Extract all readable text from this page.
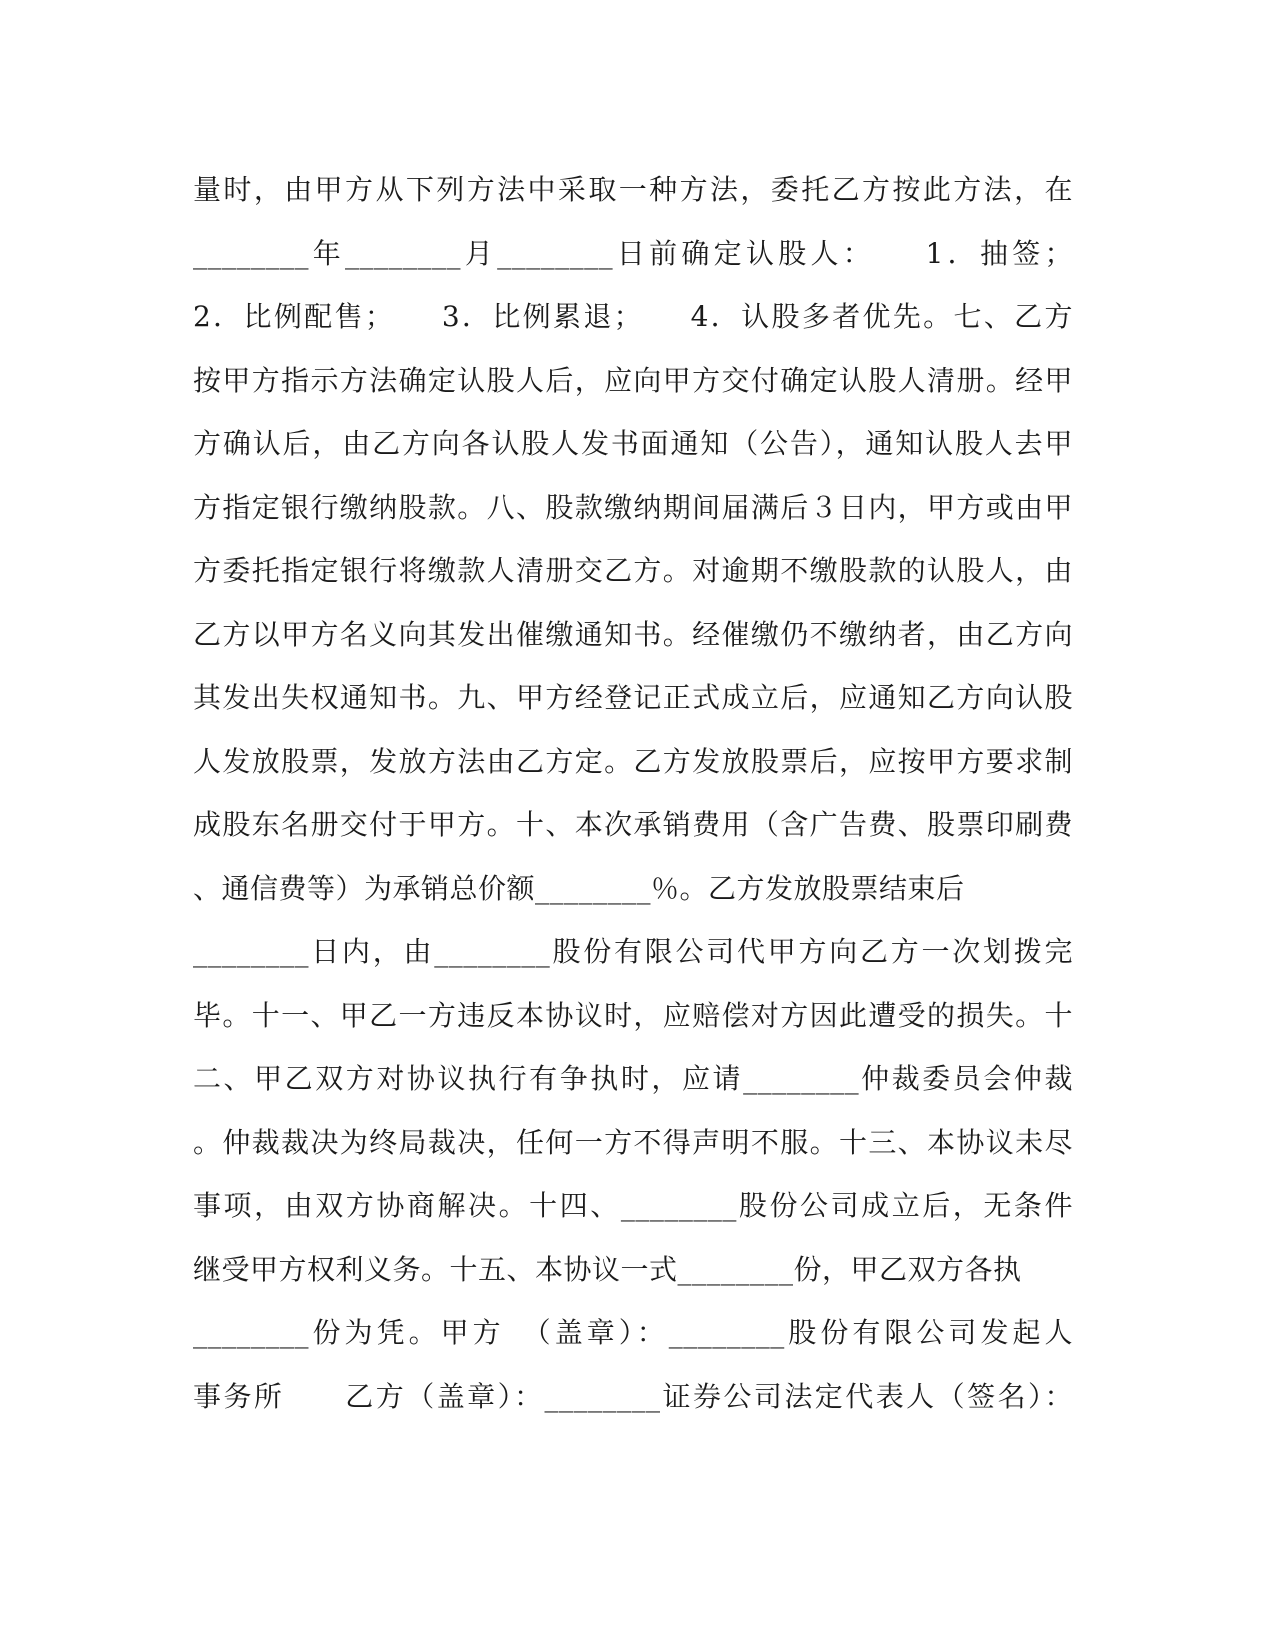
量时，由甲方从下列方法中采取一种方法，委托乙方按此方法，在
________年________月________日前确定认股人：　　1．抽签；
2．比例配售；　　3．比例累退；　　4．认股多者优先。七、乙方
按甲方指示方法确定认股人后，应向甲方交付确定认股人清册。经甲
方确认后，由乙方向各认股人发书面通知（公告），通知认股人去甲
方指定银行缴纳股款。八、股款缴纳期间届满后３日内，甲方或由甲
方委托指定银行将缴款人清册交乙方。对逾期不缴股款的认股人，由
乙方以甲方名义向其发出催缴通知书。经催缴仍不缴纳者，由乙方向
其发出失权通知书。九、甲方经登记正式成立后，应通知乙方向认股
人发放股票，发放方法由乙方定。乙方发放股票后，应按甲方要求制
成股东名册交付于甲方。十、本次承销费用（含广告费、股票印刷费
、通信费等）为承销总价额________％。乙方发放股票结束后
________日内，由________股份有限公司代甲方向乙方一次划拨完
毕。十一、甲乙一方违反本协议时，应赔偿对方因此遭受的损失。十
二、甲乙双方对协议执行有争执时，应请________仲裁委员会仲裁
。仲裁裁决为终局裁决，任何一方不得声明不服。十三、本协议未尽
事项，由双方协商解决。十四、________股份公司成立后，无条件
继受甲方权利义务。十五、本协议一式________份，甲乙双方各执
________份为凭。甲方　（盖章）：________股份有限公司发起人
事务所　　乙方（盖章）：________证券公司法定代表人（签名）：
